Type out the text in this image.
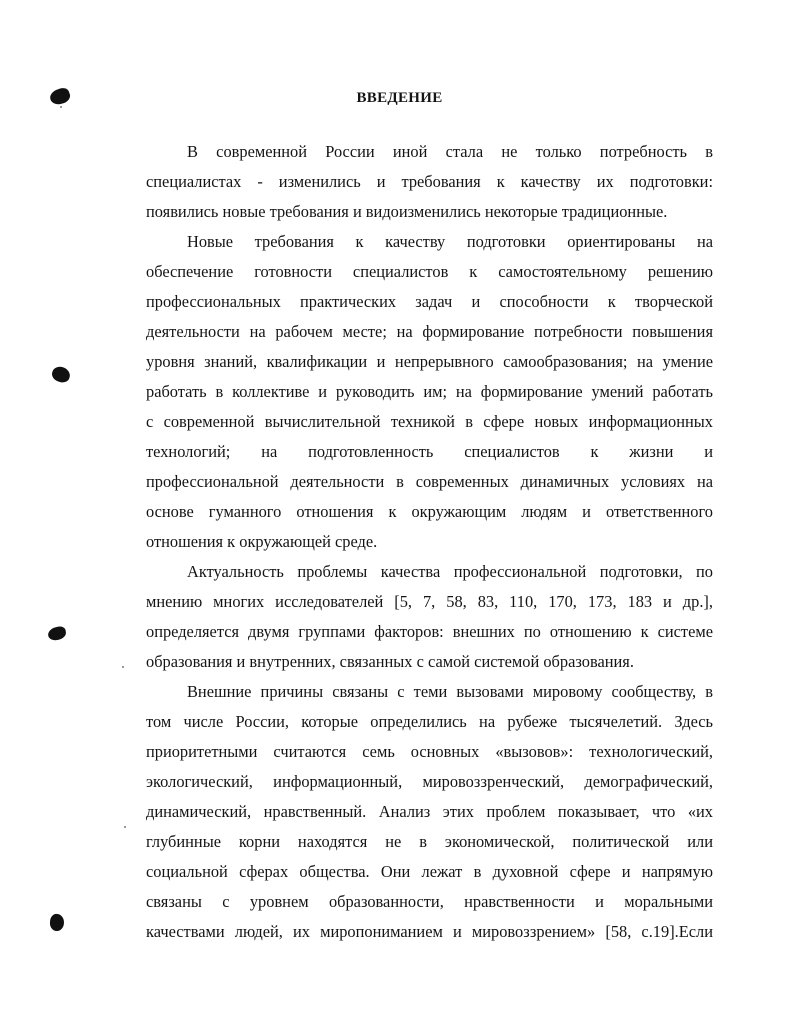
ВВЕДЕНИЕ
В современной России иной стала не только потребность в
специалистах - изменились и требования к качеству их подготовки:
появились новые требования и видоизменились некоторые традиционные.
Новые требования к качеству подготовки ориентированы на
обеспечение готовности специалистов к самостоятельному решению
профессиональных практических задач и способности к творческой
деятельности на рабочем месте; на формирование потребности повышения
уровня знаний, квалификации и непрерывного самообразования; на умение
работать в коллективе и руководить им; на формирование умений работать
с современной вычислительной техникой в сфере новых информационных
технологий; на подготовленность специалистов к жизни и
профессиональной деятельности в современных динамичных условиях на
основе гуманного отношения к окружающим людям и ответственного
отношения к окружающей среде.
Актуальность проблемы качества профессиональной подготовки, по
мнению многих исследователей [5, 7, 58, 83, 110, 170, 173, 183 и др.],
определяется двумя группами факторов: внешних по отношению к системе
образования и внутренних, связанных с самой системой образования.
Внешние причины связаны с теми вызовами мировому сообществу, в
том числе России, которые определились на рубеже тысячелетий. Здесь
приоритетными считаются семь основных «вызовов»: технологический,
экологический, информационный, мировоззренческий, демографический,
динамический, нравственный. Анализ этих проблем показывает, что «их
глубинные корни находятся не в экономической, политической или
социальной сферах общества. Они лежат в духовной сфере и напрямую
связаны с уровнем образованности, нравственности и моральными
качествами людей, их миропониманием и мировоззрением» [58, с.19].Если
